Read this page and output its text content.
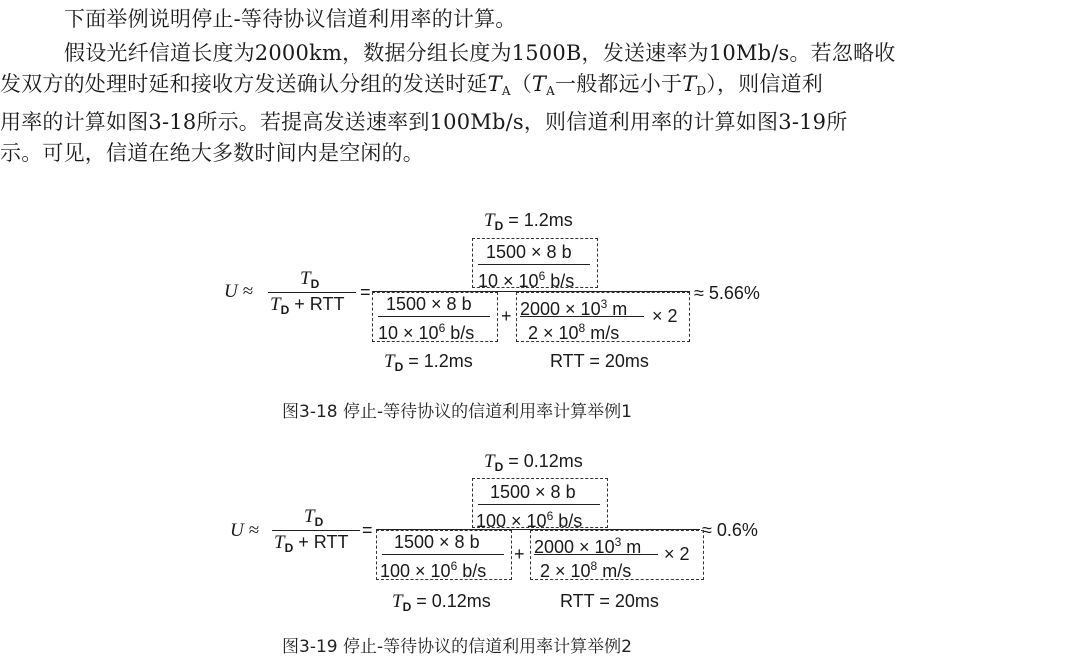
下面举例说明停止-等待协议信道利用率的计算。
假设光纤信道长度为2000km，数据分组长度为1500B，发送速率为10Mb/s。若忽略收
发双方的处理时延和接收方发送确认分组的发送时延$T_A(T_A$一般都远小于$T_D$），则信道利
用率的计算如图3-18所示。若提高发送速率到100Mb/s，则信道利用率的计算如图3-19所
示。可见，信道在绝大多数时间内是空闲的。
$T_D = 1.2ms$
1500 × 8 b
$10 \times 10^6$ b/s
U ≈
$T_D$
$T_D$ + RTT
=	≈ 5.66%
1500 × 8 b
$10 \times 10^6$ b/s
+ $2000 \times 10^3$ m
$2 \times 10^8$ m/s
× 2
$T_D = 1.2ms$	RTT = 20ms
图3-18 停止-等待协议的信道利用率计算举例1
$T_D = 0.12ms$
1500 × 8 b
$100 \times 10^6$ b/s
U ≈
$T_D$
$T_D$ + RTT
=	≈ 0.6%
1500 × 8 b
$100 \times 10^6$ b/s
+ $2000 \times 10^3$ m
$2 \times 10^8$ m/s
× 2
$T_D = 0.12ms$	RTT = 20ms
图3-19 停止-等待协议的信道利用率计算举例2
